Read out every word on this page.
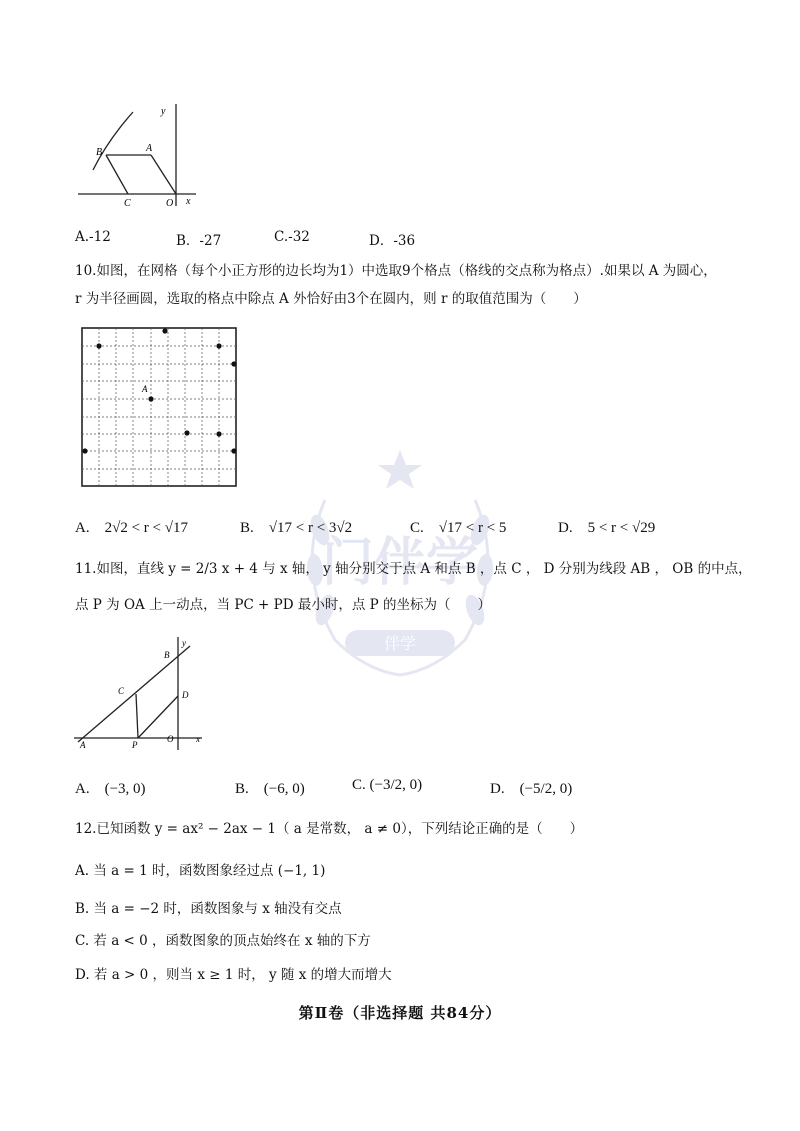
门伴学
伴学
y
B	A
C	O x
A.-12	B．-27	C.-32	D．-36
10.如图，在网格（每个小正方形的边长均为1）中选取9个格点（格线的交点称为格点）.如果以 A 为圆心，
r 为半径画圆，选取的格点中除点 A 外恰好由3个在圆内，则 r 的取值范围为（　　）
A
A.　2√2 < r < √17	B.　√17 < r < 3√2	C.　√17 < r < 5	D.　5 < r < √29
11.如图，直线 y = 2/3 x + 4 与 x 轴， y 轴分别交于点 A 和点 B ，点 C ， D 分别为线段 AB ， OB 的中点，
点 P 为 OA 上一动点，当 PC + PD 最小时，点 P 的坐标为（　　）
y
B
C	D
A	P
O	x
A.　(−3, 0)	B.　(−6, 0)	C. (−3/2, 0)	D.　(−5/2, 0)
12.已知函数 y = ax² − 2ax − 1（ a 是常数， a ≠ 0），下列结论正确的是（　　）
A. 当 a = 1 时，函数图象经过点 (−1, 1)
B. 当 a = −2 时，函数图象与 x 轴没有交点
C. 若 a < 0 ，函数图象的顶点始终在 x 轴的下方
D. 若 a > 0 ，则当 x ≥ 1 时， y 随 x 的增大而增大
第Ⅱ卷（非选择题 共84分）
